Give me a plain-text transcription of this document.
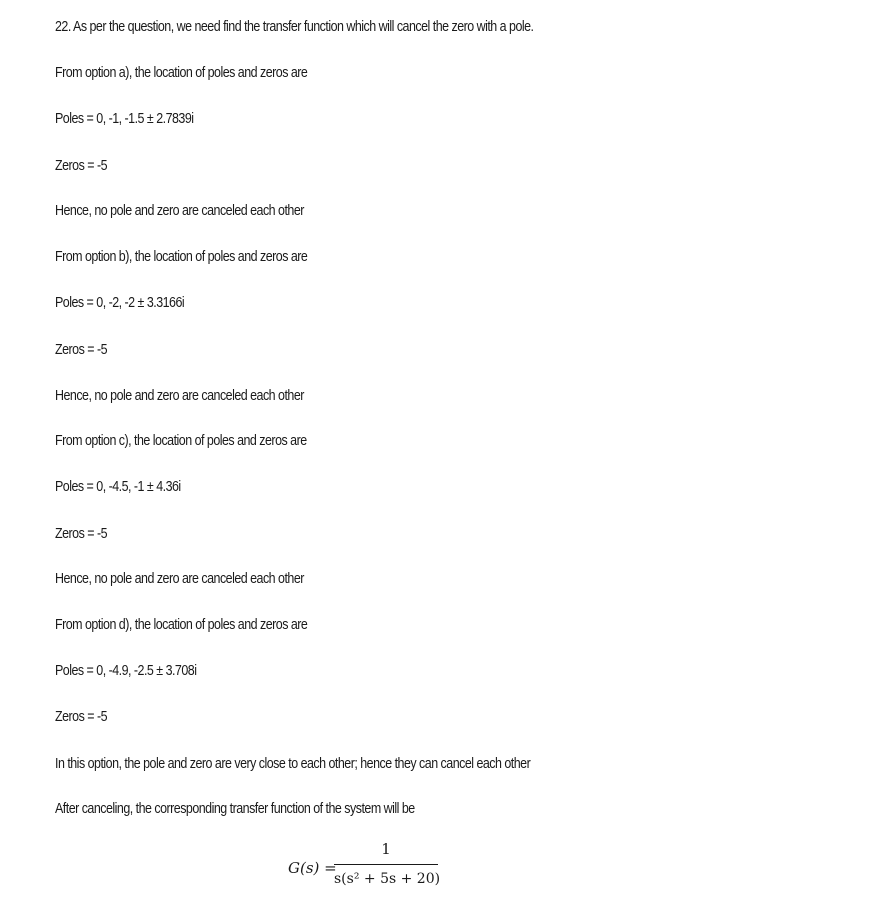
22. As per the question, we need find the transfer function which will cancel the zero with a pole.
From option a), the location of poles and zeros are
Poles = 0, -1, -1.5 ± 2.7839i
Zeros = -5
Hence, no pole and zero are canceled each other
From option b), the location of poles and zeros are
Poles = 0, -2, -2 ± 3.3166i
Zeros = -5
Hence, no pole and zero are canceled each other
From option c), the location of poles and zeros are
Poles = 0, -4.5, -1 ± 4.36i
Zeros = -5
Hence, no pole and zero are canceled each other
From option d), the location of poles and zeros are
Poles = 0, -4.9, -2.5 ± 3.708i
Zeros = -5
In this option, the pole and zero are very close to each other; hence they can cancel each other
After canceling, the corresponding transfer function of the system will be
G(s) =
1
s(s² + 5s + 20)
